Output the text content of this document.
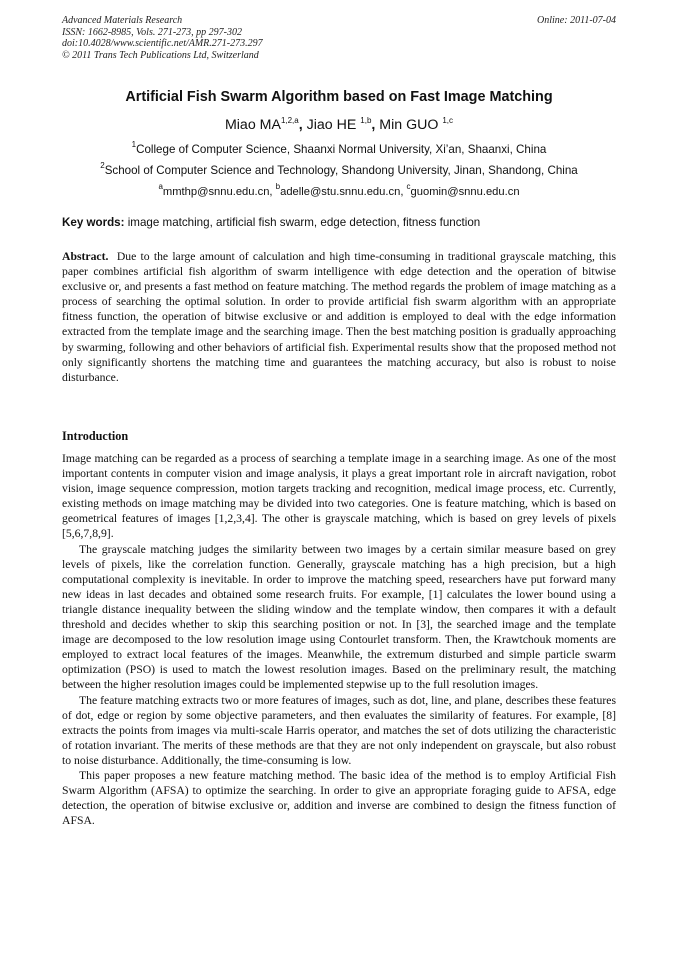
Advanced Materials Research
ISSN: 1662-8985, Vols. 271-273, pp 297-302
doi:10.4028/www.scientific.net/AMR.271-273.297
© 2011 Trans Tech Publications Ltd, Switzerland
Online: 2011-07-04
Artificial Fish Swarm Algorithm based on Fast Image Matching
Miao MA$^{1,2,a}$, Jiao HE $^{1,b}$, Min GUO $^{1,c}$
$^1$College of Computer Science, Shaanxi Normal University, Xi’an, Shaanxi, China
$^2$School of Computer Science and Technology, Shandong University, Jinan, Shandong, China
$^a$mmthp@snnu.edu.cn, $^b$adelle@stu.snnu.edu.cn, $^c$guomin@snnu.edu.cn
Key words: image matching, artificial fish swarm, edge detection, fitness function

Abstract. Due to the large amount of calculation and high time-consuming in traditional grayscale matching, this paper combines artificial fish algorithm of swarm intelligence with edge detection and the operation of bitwise exclusive or, and presents a fast method on feature matching. The method regards the problem of image matching as a process of searching the optimal solution. In order to provide artificial fish swarm algorithm with an appropriate fitness function, the operation of bitwise exclusive or and addition is employed to deal with the edge information extracted from the template image and the searching image. Then the best matching position is gradually approaching by swarming, following and other behaviors of artificial fish. Experimental results show that the proposed method not only significantly shortens the matching time and guarantees the matching accuracy, but also is robust to noise disturbance.

Introduction

Image matching can be regarded as a process of searching a template image in a searching image. As one of the most important contents in computer vision and image analysis, it plays a great important role in aircraft navigation, robot vision, image sequence compression, motion targets tracking and recognition, medical image process, etc. Currently, existing methods on image matching may be divided into two categories. One is feature matching, which is based on geometrical features of images [1,2,3,4]. The other is grayscale matching, which is based on grey levels of pixels [5,6,7,8,9].

The grayscale matching judges the similarity between two images by a certain similar measure based on grey levels of pixels, like the correlation function. Generally, grayscale matching has a high precision, but a high computational complexity is inevitable. In order to improve the matching speed, researchers have put forward many new ideas in last decades and obtained some research fruits. For example, [1] calculates the lower bound using a triangle distance inequality between the sliding window and the template window, then compares it with a default threshold and decides whether to skip this searching position or not. In [3], the searched image and the template image are decomposed to the low resolution image using Contourlet transform. Then, the Krawtchouk moments are employed to extract local features of the images. Meanwhile, the extremum disturbed and simple particle swarm optimization (PSO) is used to match the lowest resolution images. Based on the preliminary result, the matching between the higher resolution images could be implemented stepwise up to the full resolution images.

The feature matching extracts two or more features of images, such as dot, line, and plane, describes these features of dot, edge or region by some objective parameters, and then evaluates the similarity of features. For example, [8] extracts the points from images via multi-scale Harris operator, and matches the set of dots utilizing the characteristic of rotation invariant. The merits of these methods are that they are not only independent on grayscale, but also robust to noise disturbance. Additionally, the time-consuming is low.

This paper proposes a new feature matching method. The basic idea of the method is to employ Artificial Fish Swarm Algorithm (AFSA) to optimize the searching. In order to give an appropriate foraging guide to AFSA, edge detection, the operation of bitwise exclusive or, addition and inverse are combined to design the fitness function of AFSA.
